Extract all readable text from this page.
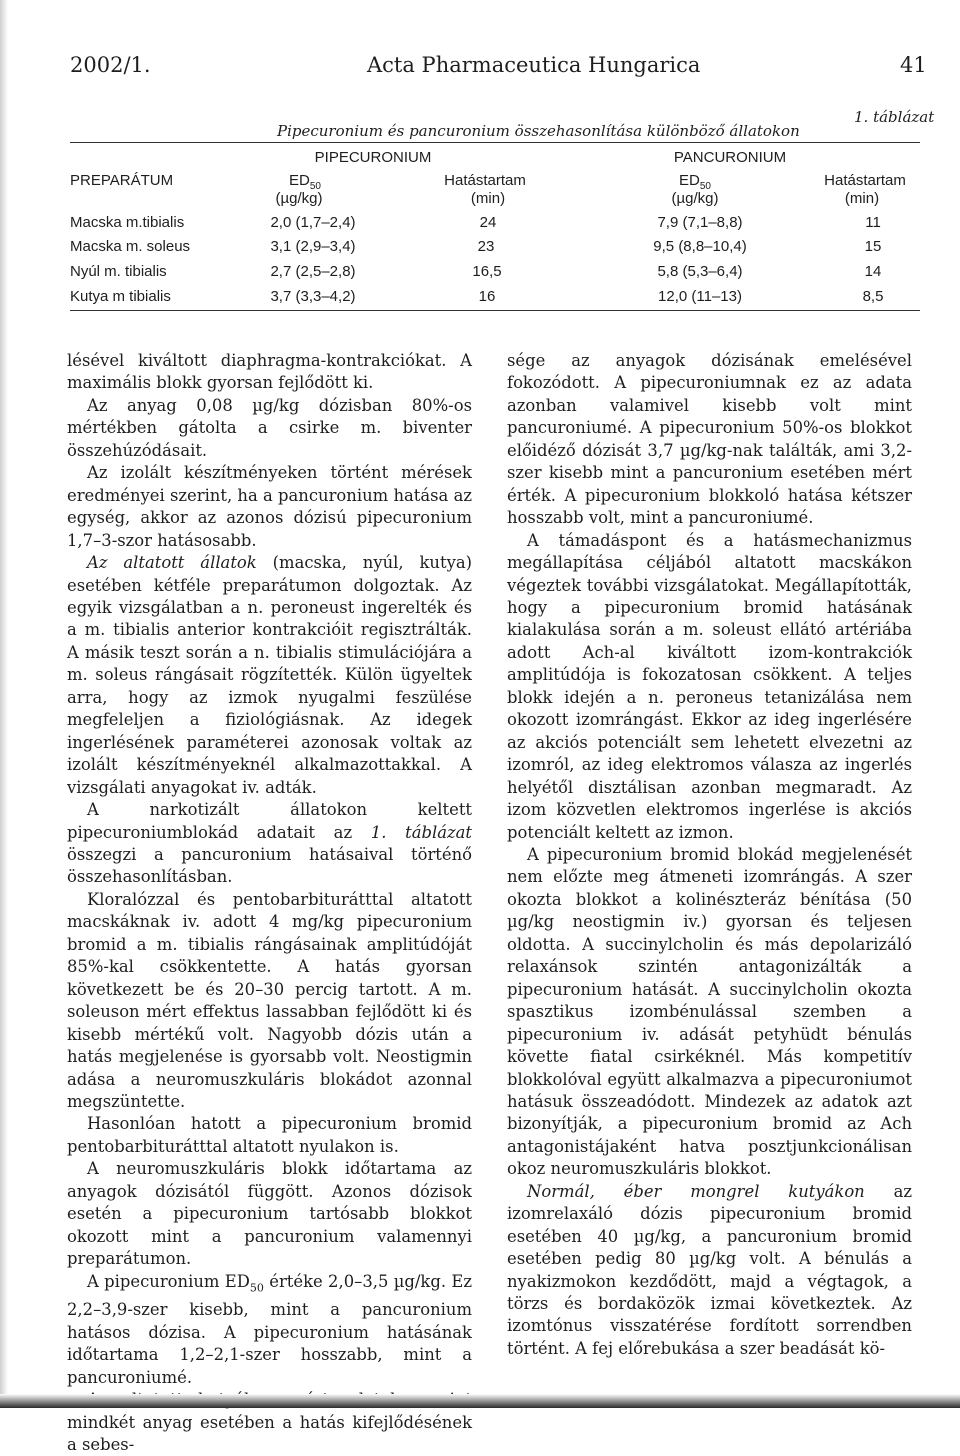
2002/1.	Acta Pharmaceutica Hungarica	41
1. táblázat
Pipecuronium és pancuronium összehasonlítása különböző állatokon
PIPECURONIUM	PANCURONIUM
PREPARÁTUM	$ED_{50}$	Hatástartam	$ED_{50}$	Hatástartam
(µg/kg)	(min)	(µg/kg)	(min)
Macska m.tibialis	2,0 (1,7–2,4)	24	7,9 (7,1–8,8)	11
Macska m. soleus	3,1 (2,9–3,4)	23	9,5 (8,8–10,4)	15
Nyúl m. tibialis	2,7 (2,5–2,8)	16,5	5,8 (5,3–6,4)	14
Kutya m tibialis	3,7 (3,3–4,2)	16	12,0 (11–13)	8,5

lésével kiváltott diaphragma-kontrakciókat. A maximális blokk gyorsan fejlődött ki.

Az anyag 0,08 µg/kg dózisban 80%-os mértékben gátolta a csirke m. biventer összehúzódásait.

Az izolált készítményeken történt mérések eredményei szerint, ha a pancuronium hatása az egység, akkor az azonos dózisú pipecuronium 1,7–3-szor hatásosabb.

Az altatott állatok (macska, nyúl, kutya) esetében kétféle preparátumon dolgoztak. Az egyik vizsgálatban a n. peroneust ingerelték és a m. tibialis anterior kontrakcióit regisztrálták. A másik teszt során a n. tibialis stimulációjára a m. soleus rángásait rögzítették. Külön ügyeltek arra, hogy az izmok nyugalmi feszülése megfeleljen a fiziológiásnak. Az idegek ingerlésének paraméterei azonosak voltak az izolált készítményeknél alkalmazottakkal. A vizsgálati anyagokat iv. adták.

A narkotizált állatokon keltett pipecuroniumblokád adatait az 1. táblázat összegzi a pancuronium hatásaival történő összehasonlításban.

Kloralózzal és pentobarbiturátttal altatott macskáknak iv. adott 4 mg/kg pipecuronium bromid a m. tibialis rángásainak amplitúdóját 85%-kal csökkentette. A hatás gyorsan következett be és 20–30 percig tartott. A m. soleuson mért effektus lassabban fejlődött ki és kisebb mértékű volt. Nagyobb dózis után a hatás megjelenése is gyorsabb volt. Neostigmin adása a neuromuszkuláris blokádot azonnal megszüntette.

Hasonlóan hatott a pipecuronium bromid pentobarbiturátttal altatott nyulakon is.

A neuromuszkuláris blokk időtartama az anyagok dózisától függött. Azonos dózisok esetén a pipecuronium tartósabb blokkot okozott mint a pancuronium valamennyi preparátumon.

A pipecuronium $ED_{50}$ értéke 2,0–3,5 µg/kg. Ez 2,2–3,9-szer kisebb, mint a pancuronium hatásos dózisa. A pipecuronium hatásának időtartama 1,2–2,1-szer hosszabb, mint a pancuroniumé.

mindkét anyag esetében a hatás kifejlődésének a sebes-

sége az anyagok dózisának emelésével fokozódott. A pipecuroniumnak ez az adata azonban valamivel kisebb volt mint pancuroniumé. A pipecuronium 50%-os blokkot előidéző dózisát 3,7 µg/kg-nak találták, ami 3,2-szer kisebb mint a pancuronium esetében mért érték. A pipecuronium blokkoló hatása kétszer hosszabb volt, mint a pancuroniumé.

A támadáspont és a hatásmechanizmus megállapítása céljából altatott macskákon végeztek további vizsgálatokat. Megállapították, hogy a pipecuronium bromid hatásának kialakulása során a m. soleust ellátó artériába adott Ach-al kiváltott izom-kontrakciók amplitúdója is fokozatosan csökkent. A teljes blokk idején a n. peroneus tetanizálása nem okozott izomrángást. Ekkor az ideg ingerlésére az akciós potenciált sem lehetett elvezetni az izomról, az ideg elektromos válasza az ingerlés helyétől disztálisan azonban megmaradt. Az izom közvetlen elektromos ingerlése is akciós potenciált keltett az izmon.

A pipecuronium bromid blokád megjelenését nem előzte meg átmeneti izomrángás. A szer okozta blokkot a kolinészteráz bénítása (50 µg/kg neostigmin iv.) gyorsan és teljesen oldotta. A succinylcholin és más depolarizáló relaxánsok szintén antagonizálták a pipecuronium hatását. A succinylcholin okozta spasztikus izombénulással szemben a pipecuronium iv. adását petyhüdt bénulás követte fiatal csirkéknél. Más kompetitív blokkolóval együtt alkalmazva a pipecuroniumot hatásuk összeadódott. Mindezek az adatok azt bizonyítják, a pipecuronium bromid az Ach antagonistájaként hatva posztjunkcionálisan okoz neuromuszkuláris blokkot.

Normál, éber mongrel kutyákon az izomrelaxáló dózis pipecuronium bromid esetében 40 µg/kg, a pancuronium bromid esetében pedig 80 µg/kg volt. A bénulás a nyakizmokon kezdődött, majd a végtagok, a törzs és bordaközök izmai következtek. Az izomtónus visszatérése fordított sorrendben történt. A fej előrebukása a szer beadását kö-
